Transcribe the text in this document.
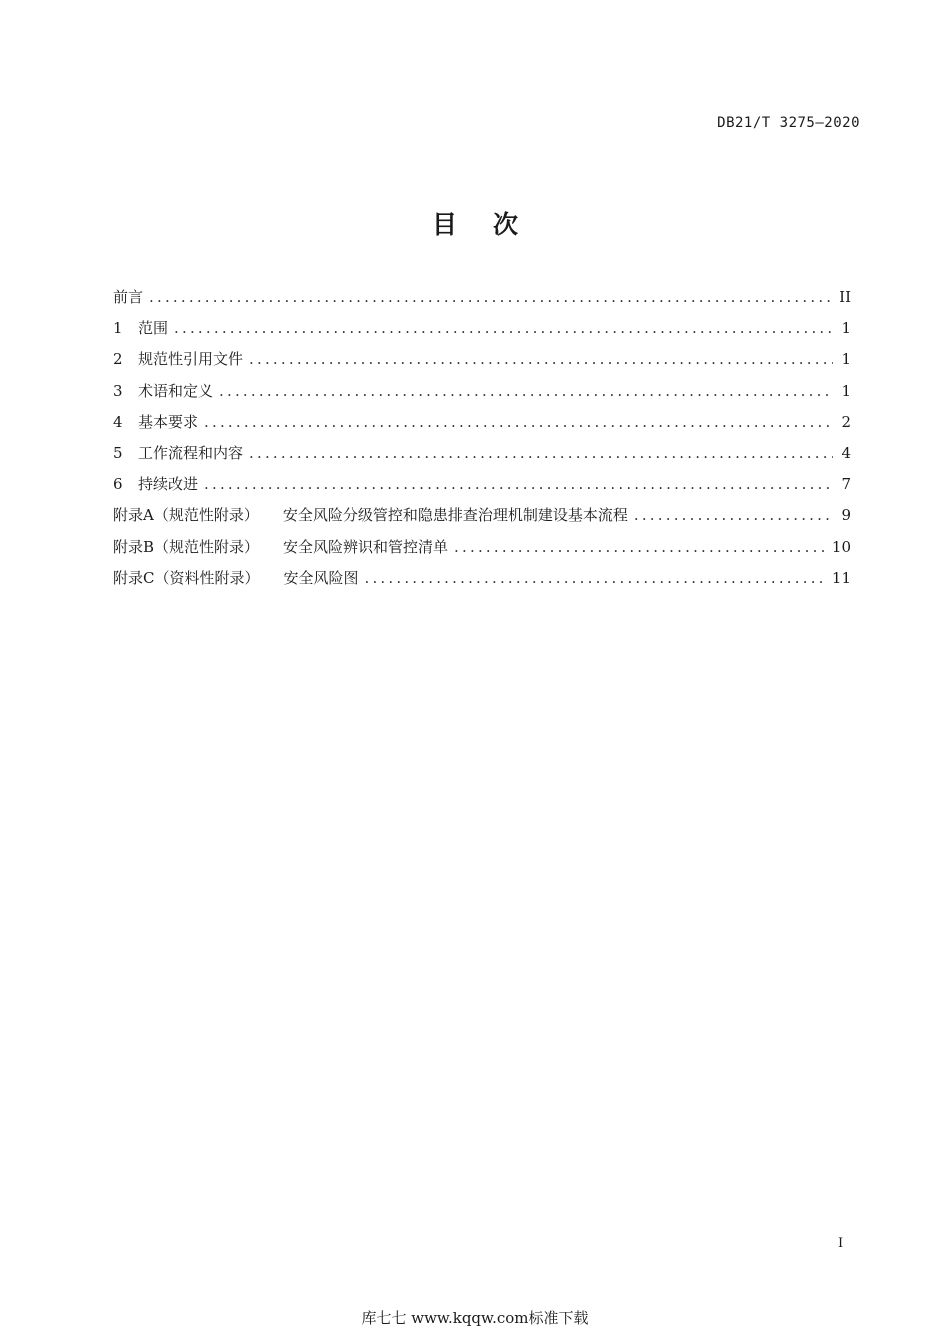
DB21/T 3275—2020
目次
前言 .....	II
1	范围 .....	1
2	规范性引用文件 .....	1
3	术语和定义 .....	1
4	基本要求 .....	2
5	工作流程和内容 .....	4
6	持续改进 .....	7
附录A（规范性附录） 安全风险分级管控和隐患排查治理机制建设基本流程 .....	9
附录B（规范性附录） 安全风险辨识和管控清单 .....	10
附录C（资料性附录） 安全风险图 .....	11
I
库七七 www.kqqw.com标准下载
